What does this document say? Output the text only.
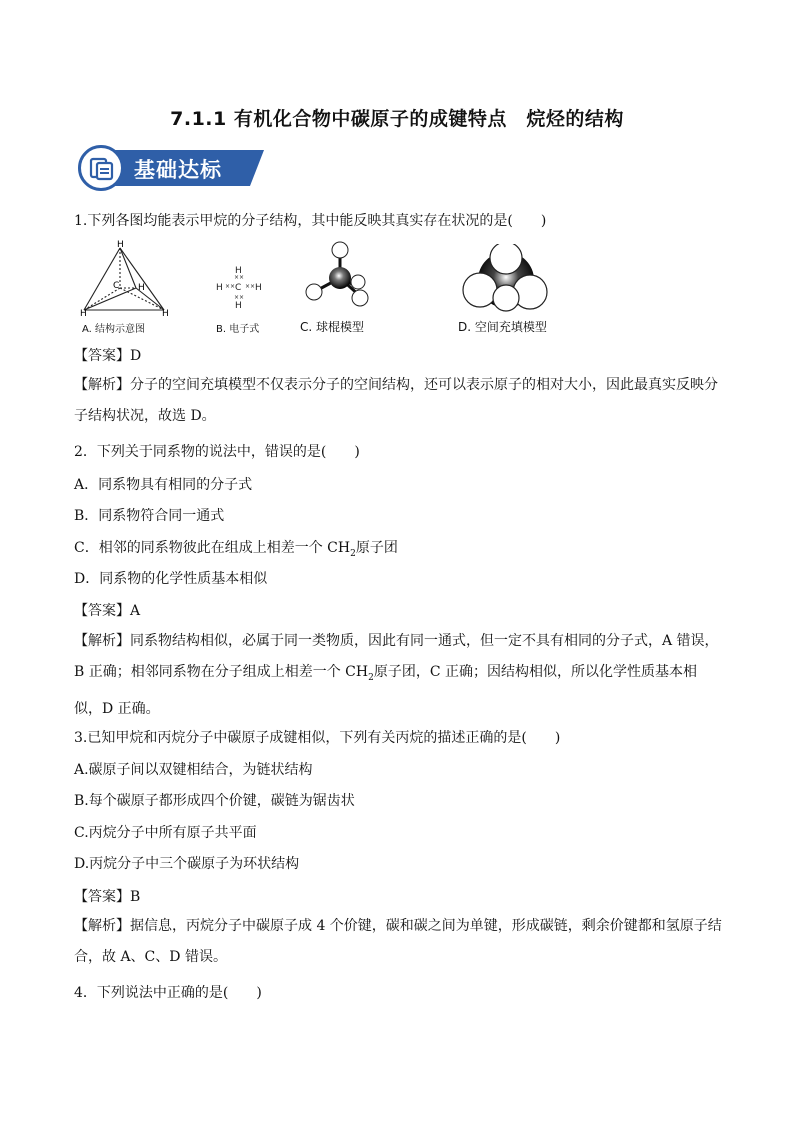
7.1.1 有机化合物中碳原子的成键特点　烷烃的结构
基础达标
1.下列各图均能表示甲烷的分子结构，其中能反映其真实存在状况的是(　　)
H
C H
H	H
A. 结构示意图
H
C
H
H	H
××
××
×× ××
B. 电子式	C. 球棍模型	D. 空间充填模型
【答案】D
【解析】分子的空间充填模型不仅表示分子的空间结构，还可以表示原子的相对大小，因此最真实反映分子结构状况，故选 D。
2．下列关于同系物的说法中，错误的是(　　)
A．同系物具有相同的分子式
B．同系物符合同一通式
C．相邻的同系物彼此在组成上相差一个 $CH_2$原子团
D．同系物的化学性质基本相似
【答案】A
【解析】同系物结构相似，必属于同一类物质，因此有同一通式，但一定不具有相同的分子式，A 错误，B 正确；相邻同系物在分子组成上相差一个 $CH_2$原子团，C 正确；因结构相似，所以化学性质基本相似，D 正确。
3.已知甲烷和丙烷分子中碳原子成键相似，下列有关丙烷的描述正确的是(　　)
A.碳原子间以双键相结合，为链状结构
B.每个碳原子都形成四个价键，碳链为锯齿状
C.丙烷分子中所有原子共平面
D.丙烷分子中三个碳原子为环状结构
【答案】B
【解析】据信息，丙烷分子中碳原子成 4 个价键，碳和碳之间为单键，形成碳链，剩余价键都和氢原子结合，故 A、C、D 错误。
4．下列说法中正确的是(　　)
